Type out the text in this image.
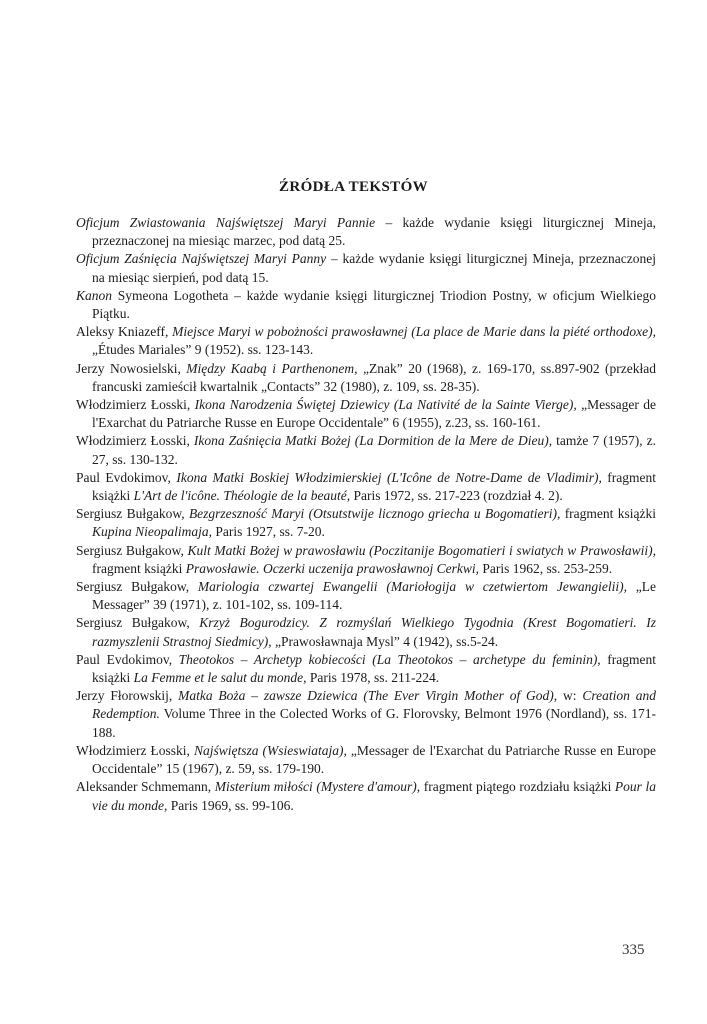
ŹRÓDŁA TEKSTÓW

Oficjum Zwiastowania Najświętszej Maryi Pannie – każde wydanie księgi liturgicznej Mineja, przeznaczonej na miesiąc marzec, pod datą 25.

Oficjum Zaśnięcia Najświętszej Maryi Panny – każde wydanie księgi liturgicznej Mineja, przeznaczonej na miesiąc sierpień, pod datą 15.

Kanon Symeona Logotheta – każde wydanie księgi liturgicznej Triodion Postny, w oficjum Wielkiego Piątku.

Aleksy Kniazeff, Miejsce Maryi w pobożności prawosławnej (La place de Marie dans la piété orthodoxe), „Études Mariales” 9 (1952). ss. 123-143.

Jerzy Nowosielski, Między Kaabą i Parthenonem, „Znak” 20 (1968), z. 169-170, ss.897-902 (przekład francuski zamieścił kwartalnik „Contacts” 32 (1980), z. 109, ss. 28-35).

Włodzimierz Łosski, Ikona Narodzenia Świętej Dziewicy (La Nativité de la Sainte Vierge), „Messager de l'Exarchat du Patriarche Russe en Europe Occidentale” 6 (1955), z.23, ss. 160-161.

Włodzimierz Łosski, Ikona Zaśnięcia Matki Bożej (La Dormition de la Mere de Dieu), tamże 7 (1957), z. 27, ss. 130-132.

Paul Evdokimov, Ikona Matki Boskiej Włodzimierskiej (L'Icône de Notre-Dame de Vladimir), fragment książki L'Art de l'icône. Théologie de la beauté, Paris 1972, ss. 217-223 (rozdział 4. 2).

Sergiusz Bułgakow, Bezgrzeszność Maryi (Otsutstwije licznogo griecha u Bogomatieri), fragment książki Kupina Nieopalimaja, Paris 1927, ss. 7-20.

Sergiusz Bułgakow, Kult Matki Bożej w prawosławiu (Poczitanije Bogomatieri i swiatych w Prawosławii), fragment książki Prawosławie. Oczerki uczenija prawosławnoj Cerkwi, Paris 1962, ss. 253-259.

Sergiusz Bułgakow, Mariologia czwartej Ewangelii (Mariołogija w czetwiertom Jewangielii), „Le Messager” 39 (1971), z. 101-102, ss. 109-114.

Sergiusz Bułgakow, Krzyż Bogurodzicy. Z rozmyślań Wielkiego Tygodnia (Krest Bogomatieri. Iz razmyszlenii Strastnoj Siedmicy), „Prawosławnaja Mysl” 4 (1942), ss.5-24.

Paul Evdokimov, Theotokos – Archetyp kobiecości (La Theotokos – archetype du feminin), fragment książki La Femme et le salut du monde, Paris 1978, ss. 211-224.

Jerzy Fłorowskij, Matka Boża – zawsze Dziewica (The Ever Virgin Mother of God), w: Creation and Redemption. Volume Three in the Colected Works of G. Florovsky, Belmont 1976 (Nordland), ss. 171-188.

Włodzimierz Łosski, Najświętsza (Wsieswiataja), „Messager de l'Exarchat du Patriarche Russe en Europe Occidentale” 15 (1967), z. 59, ss. 179-190.

Aleksander Schmemann, Misterium miłości (Mystere d'amour), fragment piątego rozdziału książki Pour la vie du monde, Paris 1969, ss. 99-106.

335
